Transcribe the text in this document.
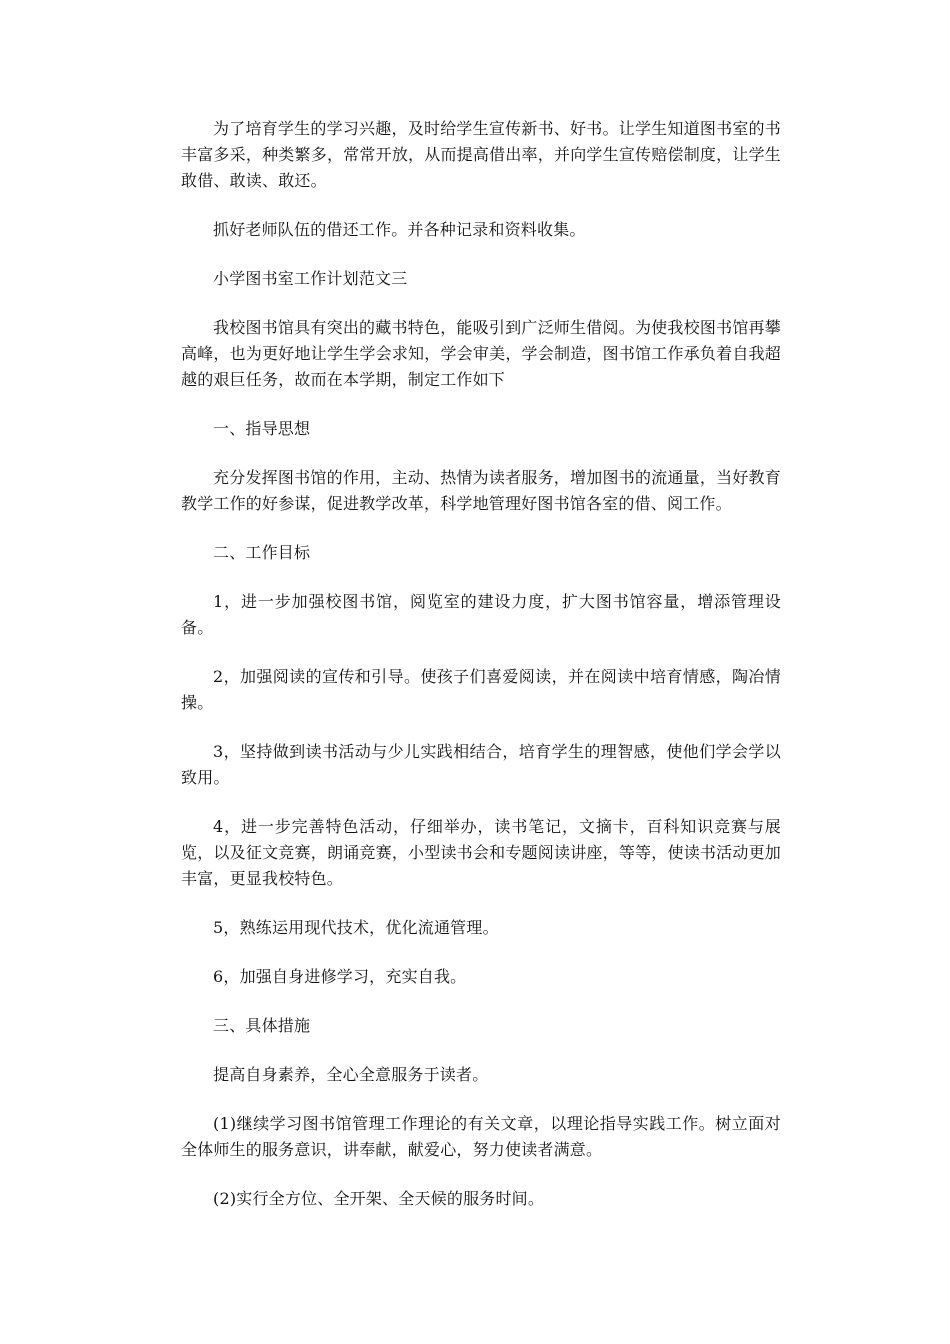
为了培育学生的学习兴趣，及时给学生宣传新书、好书。让学生知道图书室的书丰富多采，种类繁多，常常开放，从而提高借出率，并向学生宣传赔偿制度，让学生敢借、敢读、敢还。

抓好老师队伍的借还工作。并各种记录和资料收集。

小学图书室工作计划范文三

我校图书馆具有突出的藏书特色，能吸引到广泛师生借阅。为使我校图书馆再攀高峰，也为更好地让学生学会求知，学会审美，学会制造，图书馆工作承负着自我超越的艰巨任务，故而在本学期，制定工作如下

一、指导思想

充分发挥图书馆的作用，主动、热情为读者服务，增加图书的流通量，当好教育教学工作的好参谋，促进教学改革，科学地管理好图书馆各室的借、阅工作。

二、工作目标

1，进一步加强校图书馆，阅览室的建设力度，扩大图书馆容量，增添管理设备。

2，加强阅读的宣传和引导。使孩子们喜爱阅读，并在阅读中培育情感，陶冶情操。

3，坚持做到读书活动与少儿实践相结合，培育学生的理智感，使他们学会学以致用。

4，进一步完善特色活动，仔细举办，读书笔记，文摘卡，百科知识竞赛与展览，以及征文竞赛，朗诵竞赛，小型读书会和专题阅读讲座，等等，使读书活动更加丰富，更显我校特色。

5，熟练运用现代技术，优化流通管理。

6，加强自身进修学习，充实自我。

三、具体措施

提高自身素养，全心全意服务于读者。

(1)继续学习图书馆管理工作理论的有关文章，以理论指导实践工作。树立面对全体师生的服务意识，讲奉献，献爱心，努力使读者满意。

(2)实行全方位、全开架、全天候的服务时间。
